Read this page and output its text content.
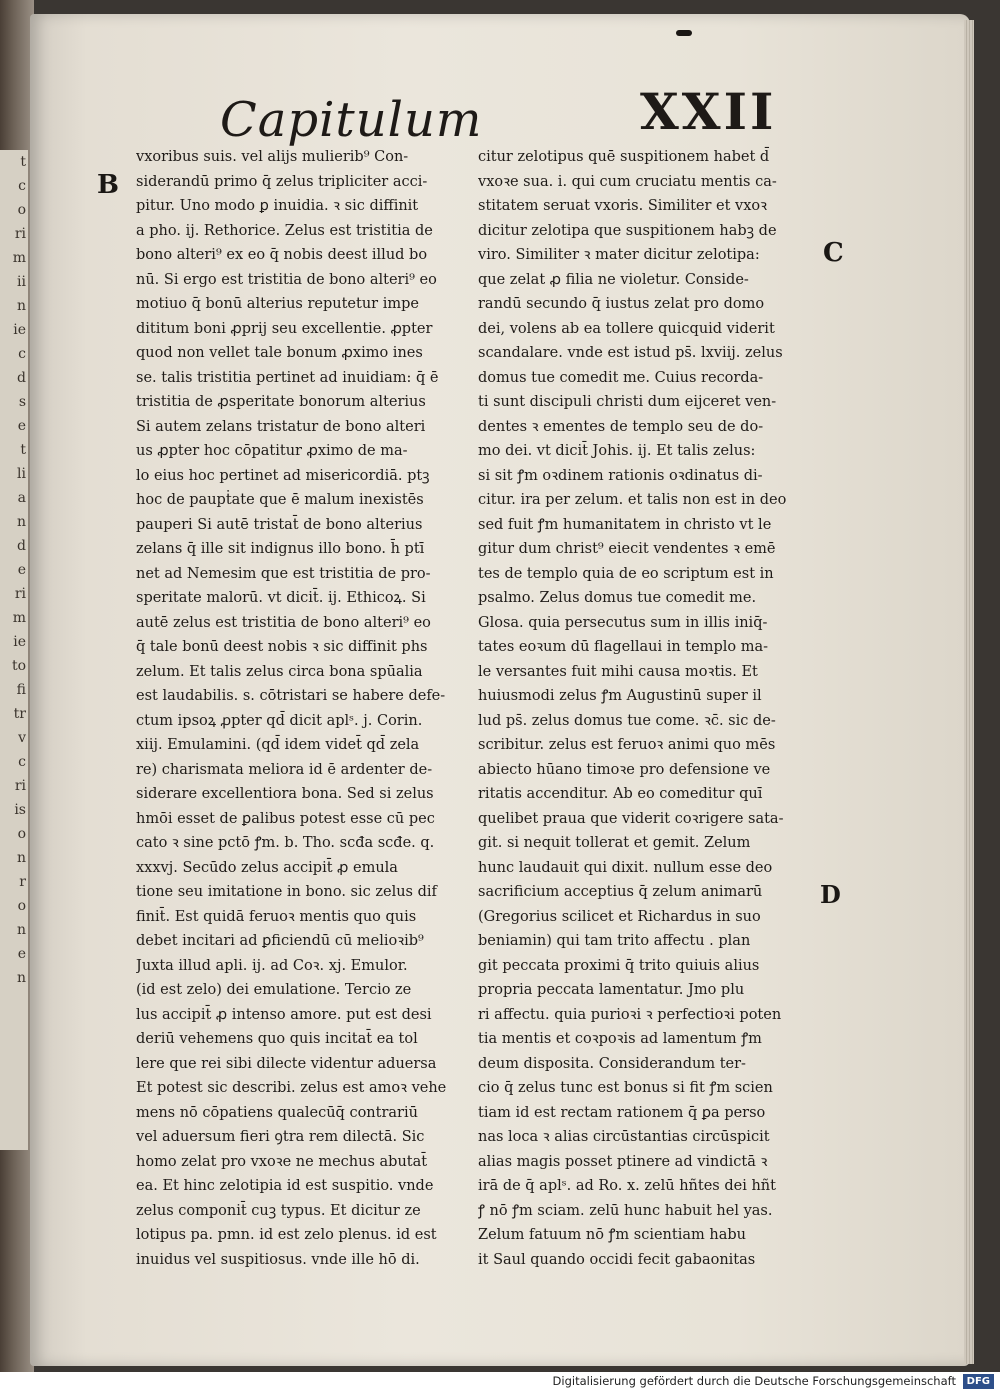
t
c
o
ri
m
ii
n
ie
c
d
s
e
t
li
a
n
d
e
ri
m
ie
to
fi
tr
v
c
ri
is
o
n
r
o
n
e
n
Capitulum	XXII
B
C
D
vxoribus suis. vel alijs mulierib⁹ Con-
siderandū primo q̄ zelus tripliciter acci-
pitur. Uno modo ꝑ inuidia. ꝛ sic diffinit
a pho. ij. Rethorice. Zelus est tristitia de
bono alteri⁹ ex eo q̄ nobis deest illud bo
nū. Si ergo est tristitia de bono alteri⁹ eo
motiuo q̄ bonū alterius reputetur impe
dititum boni ꝓprij seu excellentie. ꝓpter
quod non vellet tale bonum ꝓximo ines
se. talis tristitia pertinet ad inuidiam: q̄ ē
tristitia de ꝓsperitate bonorum alterius
Si autem zelans tristatur de bono alteri
us ꝓpter hoc cōpatitur ꝓximo de ma-
lo eius hoc pertinet ad misericordiā. ptꝫ
hoc de paupṫate que ē malum inexistēs
pauperi Si autē tristat̄ de bono alterius
zelans q̄ ille sit indignus illo bono. h̄ ptī
net ad Nemesim que est tristitia de pro-
speritate malorū. vt dicit̄. ij. Ethicoꝝ. Si
autē zelus est tristitia de bono alteri⁹ eo
q̄ tale bonū deest nobis ꝛ sic diffinit phs
zelum. Et talis zelus circa bona spūalia
est laudabilis. s. cōtristari se habere defe-
ctum ipsoꝝ ꝓpter qd̄ dicit aplˢ. j. Corin.
xiij. Emulamini. (qd̄ idem videt̄ qd̄ zela
re) charismata meliora id ē ardenter de-
siderare excellentiora bona. Sed si zelus
hmōi esset de ꝑalibus potest esse cū pec
cato ꝛ sine pctō ꝭm. b. Tho. scđa scđe. q.
xxxvj. Secūdo zelus accipit̄ ꝓ emula
tione seu imitatione in bono. sic zelus dif
finit̄. Est quidā feruoꝛ mentis quo quis
debet incitari ad ꝑficiendū cū melioꝛib⁹
Juxta illud apli. ij. ad Coꝛ. xj. Emulor.
(id est zelo) dei emulatione. Tercio ze
lus accipit̄ ꝓ intenso amore. put est desi
deriū vehemens quo quis incitat̄ ea tol
lere que rei sibi dilecte videntur aduersa
Et potest sic describi. zelus est amoꝛ vehe
mens nō cōpatiens qualecūq̄ contrariū
vel aduersum fieri ꝯtra rem dilectā. Sic
homo zelat pro vxoꝛe ne mechus abutat̄
ea. Et hinc zelotipia id est suspitio. vnde
zelus componit̄ cuꝫ typus. Et dicitur ze
lotipus pa. pmn. id est zelo plenus. id est
inuidus vel suspitiosus. vnde ille hō di.
citur zelotipus quē suspitionem habet d̄
vxoꝛe sua. i. qui cum cruciatu mentis ca-
stitatem seruat vxoris. Similiter et vxoꝛ
dicitur zelotipa que suspitionem habꝫ de
viro. Similiter ꝛ mater dicitur zelotipa:
que zelat ꝓ filia ne violetur. Conside-
randū secundo q̄ iustus zelat pro domo
dei, volens ab ea tollere quicquid viderit
scandalare. vnde est istud ps̄. lxviij. zelus
domus tue comedit me. Cuius recorda-
ti sunt discipuli christi dum eijceret ven-
dentes ꝛ ementes de templo seu de do-
mo dei. vt dicit̄ Johis. ij. Et talis zelus:
si sit ꝭm oꝛdinem rationis oꝛdinatus di-
citur. ira per zelum. et talis non est in deo
sed fuit ꝭm humanitatem in christo vt le
gitur dum christ⁹ eiecit vendentes ꝛ emē
tes de templo quia de eo scriptum est in
psalmo. Zelus domus tue comedit me.
Glosa. quia persecutus sum in illis iniq̄-
tates eoꝛum dū flagellaui in templo ma-
le versantes fuit mihi causa moꝛtis. Et
huiusmodi zelus ꝭm Augustinū super il
lud ps̄. zelus domus tue come. ꝛc̄. sic de-
scribitur. zelus est feruoꝛ animi quo mēs
abiecto hūano timoꝛe pro defensione ve
ritatis accenditur. Ab eo comeditur quī
quelibet praua que viderit coꝛrigere sata-
git. si nequit tollerat et gemit. Zelum
hunc laudauit qui dixit. nullum esse deo
sacrificium acceptius q̄ zelum animarū
(Gregorius scilicet et Richardus in suo
beniamin) qui tam trito affectu . plan
git peccata proximi q̄ trito quiuis alius
propria peccata lamentatur. Jmo plu
ri affectu. quia purioꝛi ꝛ perfectioꝛi poten
tia mentis et coꝛpoꝛis ad lamentum ꝭm
deum disposita. Considerandum ter-
cio q̄ zelus tunc est bonus si fit ꝭm scien
tiam id est rectam rationem q̄ ꝑa perso
nas loca ꝛ alias circūstantias circūspicit
alias magis posset ptinere ad vindictā ꝛ
irā de q̄ aplˢ. ad Ro. x. zelū hñtes dei hñt
ꝭ nō ꝭm sciam. zelū hunc habuit hel yas.
Zelum fatuum nō ꝭm scientiam habu
it Saul quando occidi fecit gabaonitas
Digitalisierung gefördert durch die Deutsche Forschungsgemeinschaft	DFG
